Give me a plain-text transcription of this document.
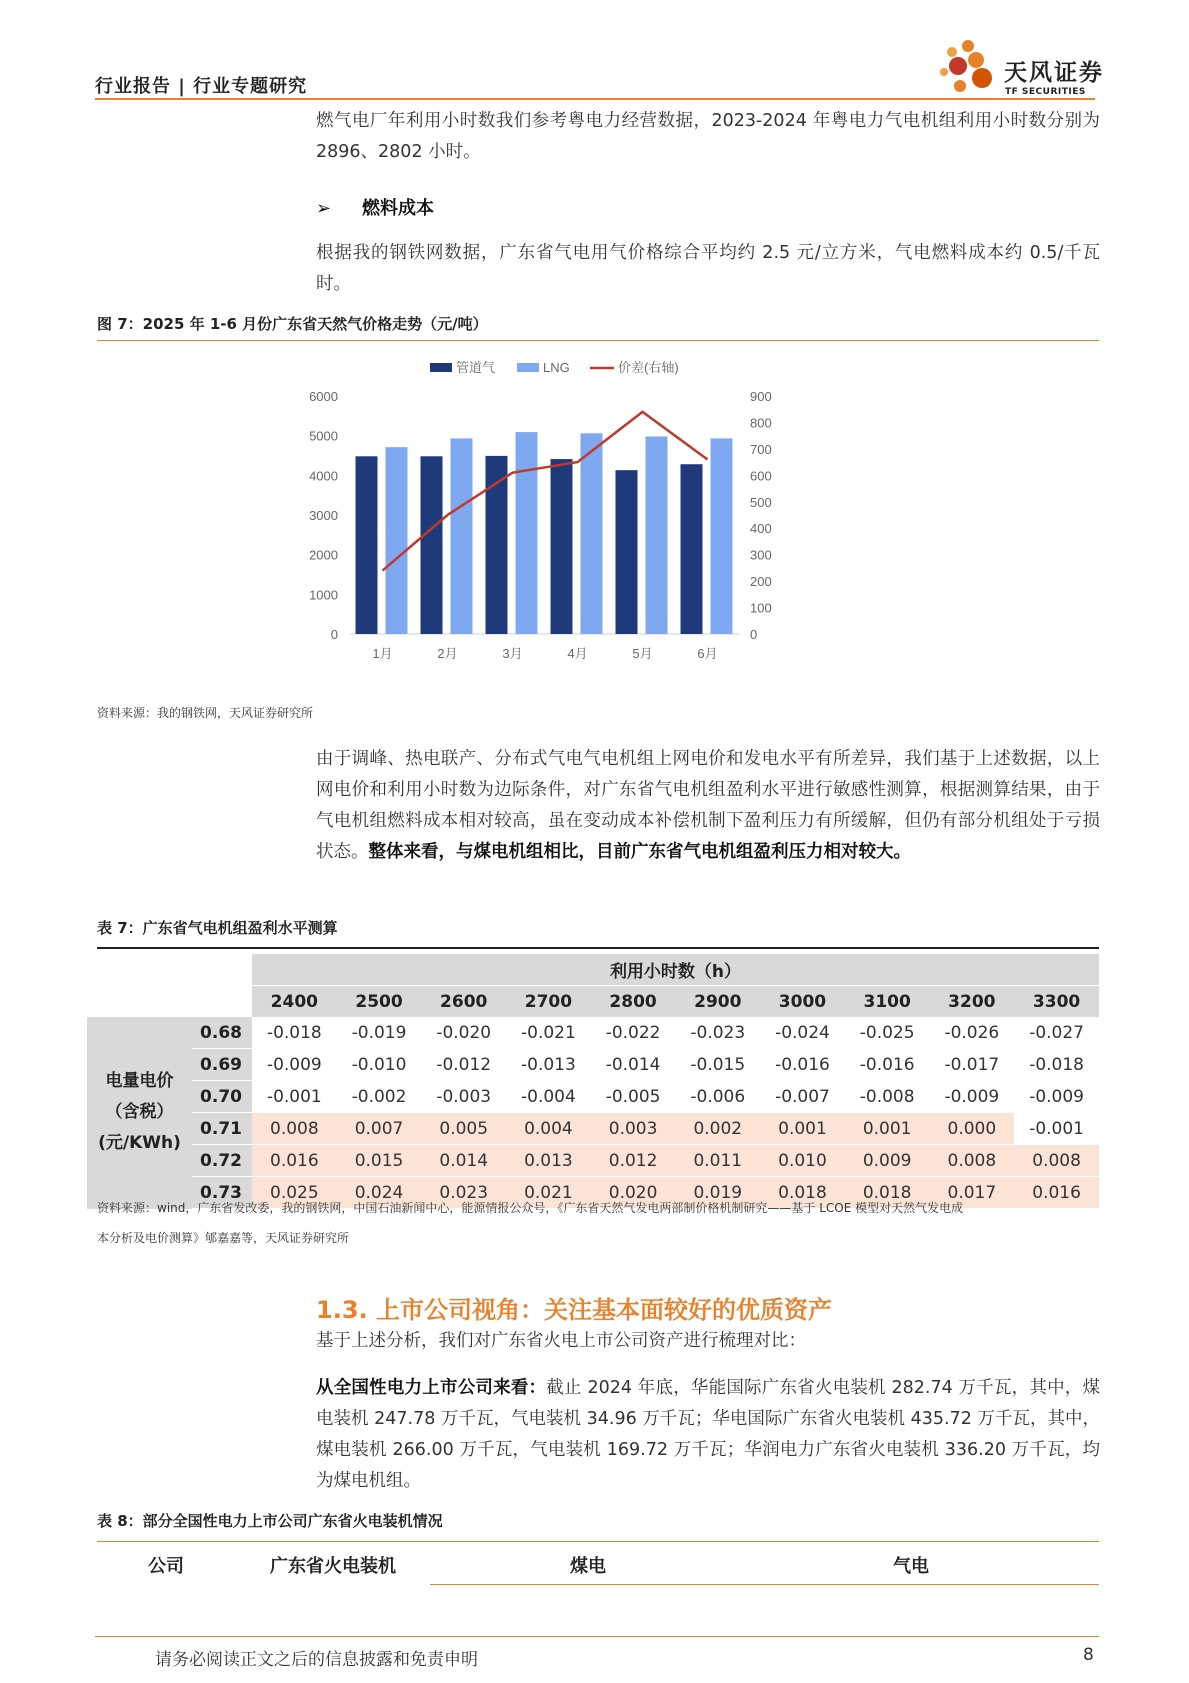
行业报告 | 行业专题研究
天风证券
TF SECURITIES
燃气电厂年利用小时数我们参考粤电力经营数据，2023-2024 年粤电力气电机组利用小时数分别为 2896、2802 小时。
➢ 燃料成本
根据我的钢铁网数据，广东省气电用气价格综合平均约 2.5 元/立方米，气电燃料成本约 0.5/千瓦时。
图 7：2025 年 1-6 月份广东省天然气价格走势（元/吨）
管道气	LNG	价差(右轴)
0
1000
2000
3000
4000
5000
6000
0
100
200
300
400
500
600
700
800
900
1月	2月	3月	4月	5月	6月
资料来源：我的钢铁网，天风证券研究所
由于调峰、热电联产、分布式气电气电机组上网电价和发电水平有所差异，我们基于上述数据，以上网电价和利用小时数为边际条件，对广东省气电机组盈利水平进行敏感性测算，根据测算结果，由于气电机组燃料成本相对较高，虽在变动成本补偿机制下盈利压力有所缓解，但仍有部分机组处于亏损状态。整体来看，与煤电机组相比，目前广东省气电机组盈利压力相对较大。
表 7：广东省气电机组盈利水平测算
		利用小时数（h）									
		2400	2500	2600	2700	2800	2900	3000	3100	3200	3300

电量电价
（含税）
(元/KWh)	0.68	-0.018	-0.019	-0.020	-0.021	-0.022	-0.023	-0.024	-0.025	-0.026	-0.027
	0.69	-0.009	-0.010	-0.012	-0.013	-0.014	-0.015	-0.016	-0.016	-0.017	-0.018
	0.70	-0.001	-0.002	-0.003	-0.004	-0.005	-0.006	-0.007	-0.008	-0.009	-0.009
	0.71	0.008	0.007	0.005	0.004	0.003	0.002	0.001	0.001	0.000	-0.001
	0.72	0.016	0.015	0.014	0.013	0.012	0.011	0.010	0.009	0.008	0.008
	0.73	0.025	0.024	0.023	0.021	0.020	0.019	0.018	0.018	0.017	0.016
资料来源：wind，广东省发改委，我的钢铁网，中国石油新闻中心，能源情报公众号，《广东省天然气发电两部制价格机制研究——基于 LCOE 模型对天然气发电成
本分析及电价测算》郇嘉嘉等，天风证券研究所
1.3. 上市公司视角：关注基本面较好的优质资产
基于上述分析，我们对广东省火电上市公司资产进行梳理对比：
从全国性电力上市公司来看：截止 2024 年底，华能国际广东省火电装机 282.74 万千瓦，其中，煤电装机 247.78 万千瓦，气电装机 34.96 万千瓦；华电国际广东省火电装机 435.72 万千瓦，其中，煤电装机 266.00 万千瓦，气电装机 169.72 万千瓦；华润电力广东省火电装机 336.20 万千瓦，均为煤电机组。
表 8：部分全国性电力上市公司广东省火电装机情况
公司	广东省火电装机	煤电	气电
请务必阅读正文之后的信息披露和免责申明	8
